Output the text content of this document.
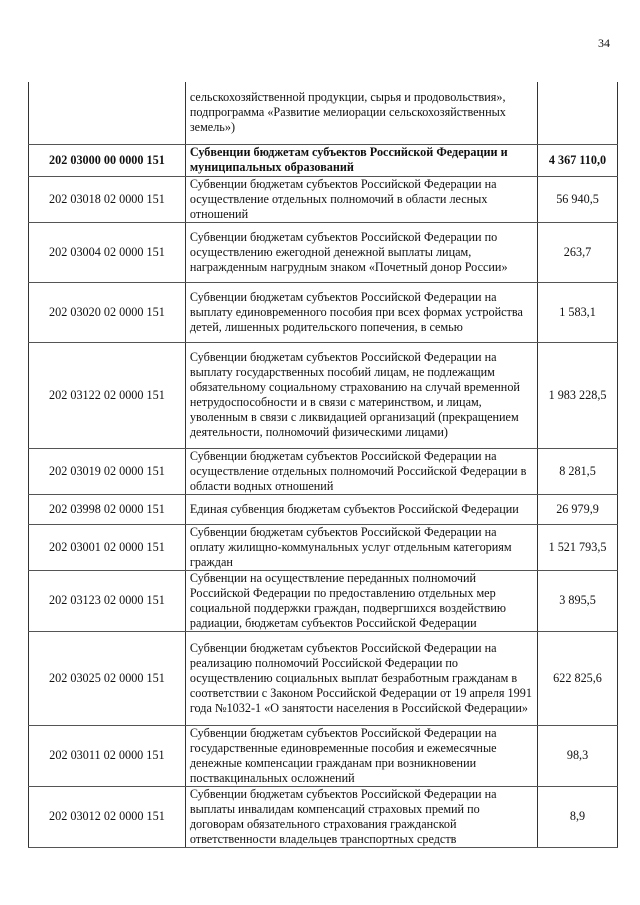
34
	сельскохозяйственной продукции, сырья и продовольствия», подпрограмма «Развитие мелиорации сельскохозяйственных земель»)	
202 03000 00 0000 151	Субвенции бюджетам субъектов Российской Федерации и муниципальных образований	4 367 110,0
202 03018 02 0000 151	Субвенции бюджетам субъектов Российской Федерации на осуществление отдельных полномочий в области лесных отношений	56 940,5
202 03004 02 0000 151	Субвенции бюджетам субъектов Российской Федерации по осуществлению ежегодной денежной выплаты лицам, награжденным нагрудным знаком «Почетный донор России»	263,7
202 03020 02 0000 151	Субвенции бюджетам субъектов Российской Федерации на выплату единовременного пособия при всех формах устройства детей, лишенных родительского попечения, в семью	1 583,1
202 03122 02 0000 151	Субвенции бюджетам субъектов Российской Федерации на выплату государственных пособий лицам, не подлежащим обязательному социальному страхованию на случай временной нетрудоспособности и в связи с материнством, и лицам, уволенным в связи с ликвидацией организаций (прекращением деятельности, полномочий физическими лицами)	1 983 228,5
202 03019 02 0000 151	Субвенции бюджетам субъектов Российской Федерации на осуществление отдельных полномочий Российской Федерации в области водных отношений	8 281,5
202 03998 02 0000 151	Единая субвенция бюджетам субъектов Российской Федерации	26 979,9
202 03001 02 0000 151	Субвенции бюджетам субъектов Российской Федерации на оплату жилищно-коммунальных услуг отдельным категориям граждан	1 521 793,5
202 03123 02 0000 151	Субвенции на осуществление переданных полномочий Российской Федерации по предоставлению отдельных мер социальной поддержки граждан, подвергшихся воздействию радиации, бюджетам субъектов Российской Федерации	3 895,5
202 03025 02 0000 151	Субвенции бюджетам субъектов Российской Федерации на реализацию полномочий Российской Федерации по осуществлению социальных выплат безработным гражданам в соответствии с Законом Российской Федерации от 19 апреля 1991 года №1032-1 «О занятости населения в Российской Федерации»	622 825,6
202 03011 02 0000 151	Субвенции бюджетам субъектов Российской Федерации на государственные единовременные пособия и ежемесячные денежные компенсации гражданам при возникновении поствакцинальных осложнений	98,3
202 03012 02 0000 151	Субвенции бюджетам субъектов Российской Федерации на выплаты инвалидам компенсаций страховых премий по договорам обязательного страхования гражданской ответственности владельцев транспортных средств	8,9
